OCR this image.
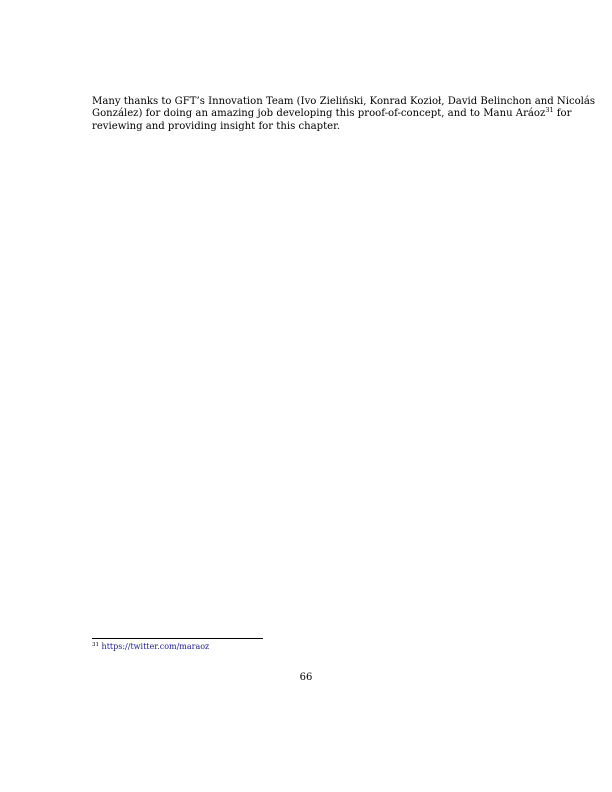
Many thanks to GFT’s Innovation Team (Ivo Zieliński, Konrad Kozioł, David Belinchon and Nicolás
González) for doing an amazing job developing this proof-of-concept, and to Manu Aráoz$^{31}$ for
reviewing and providing insight for this chapter.
$^{31}$ https://twitter.com/maraoz
66
